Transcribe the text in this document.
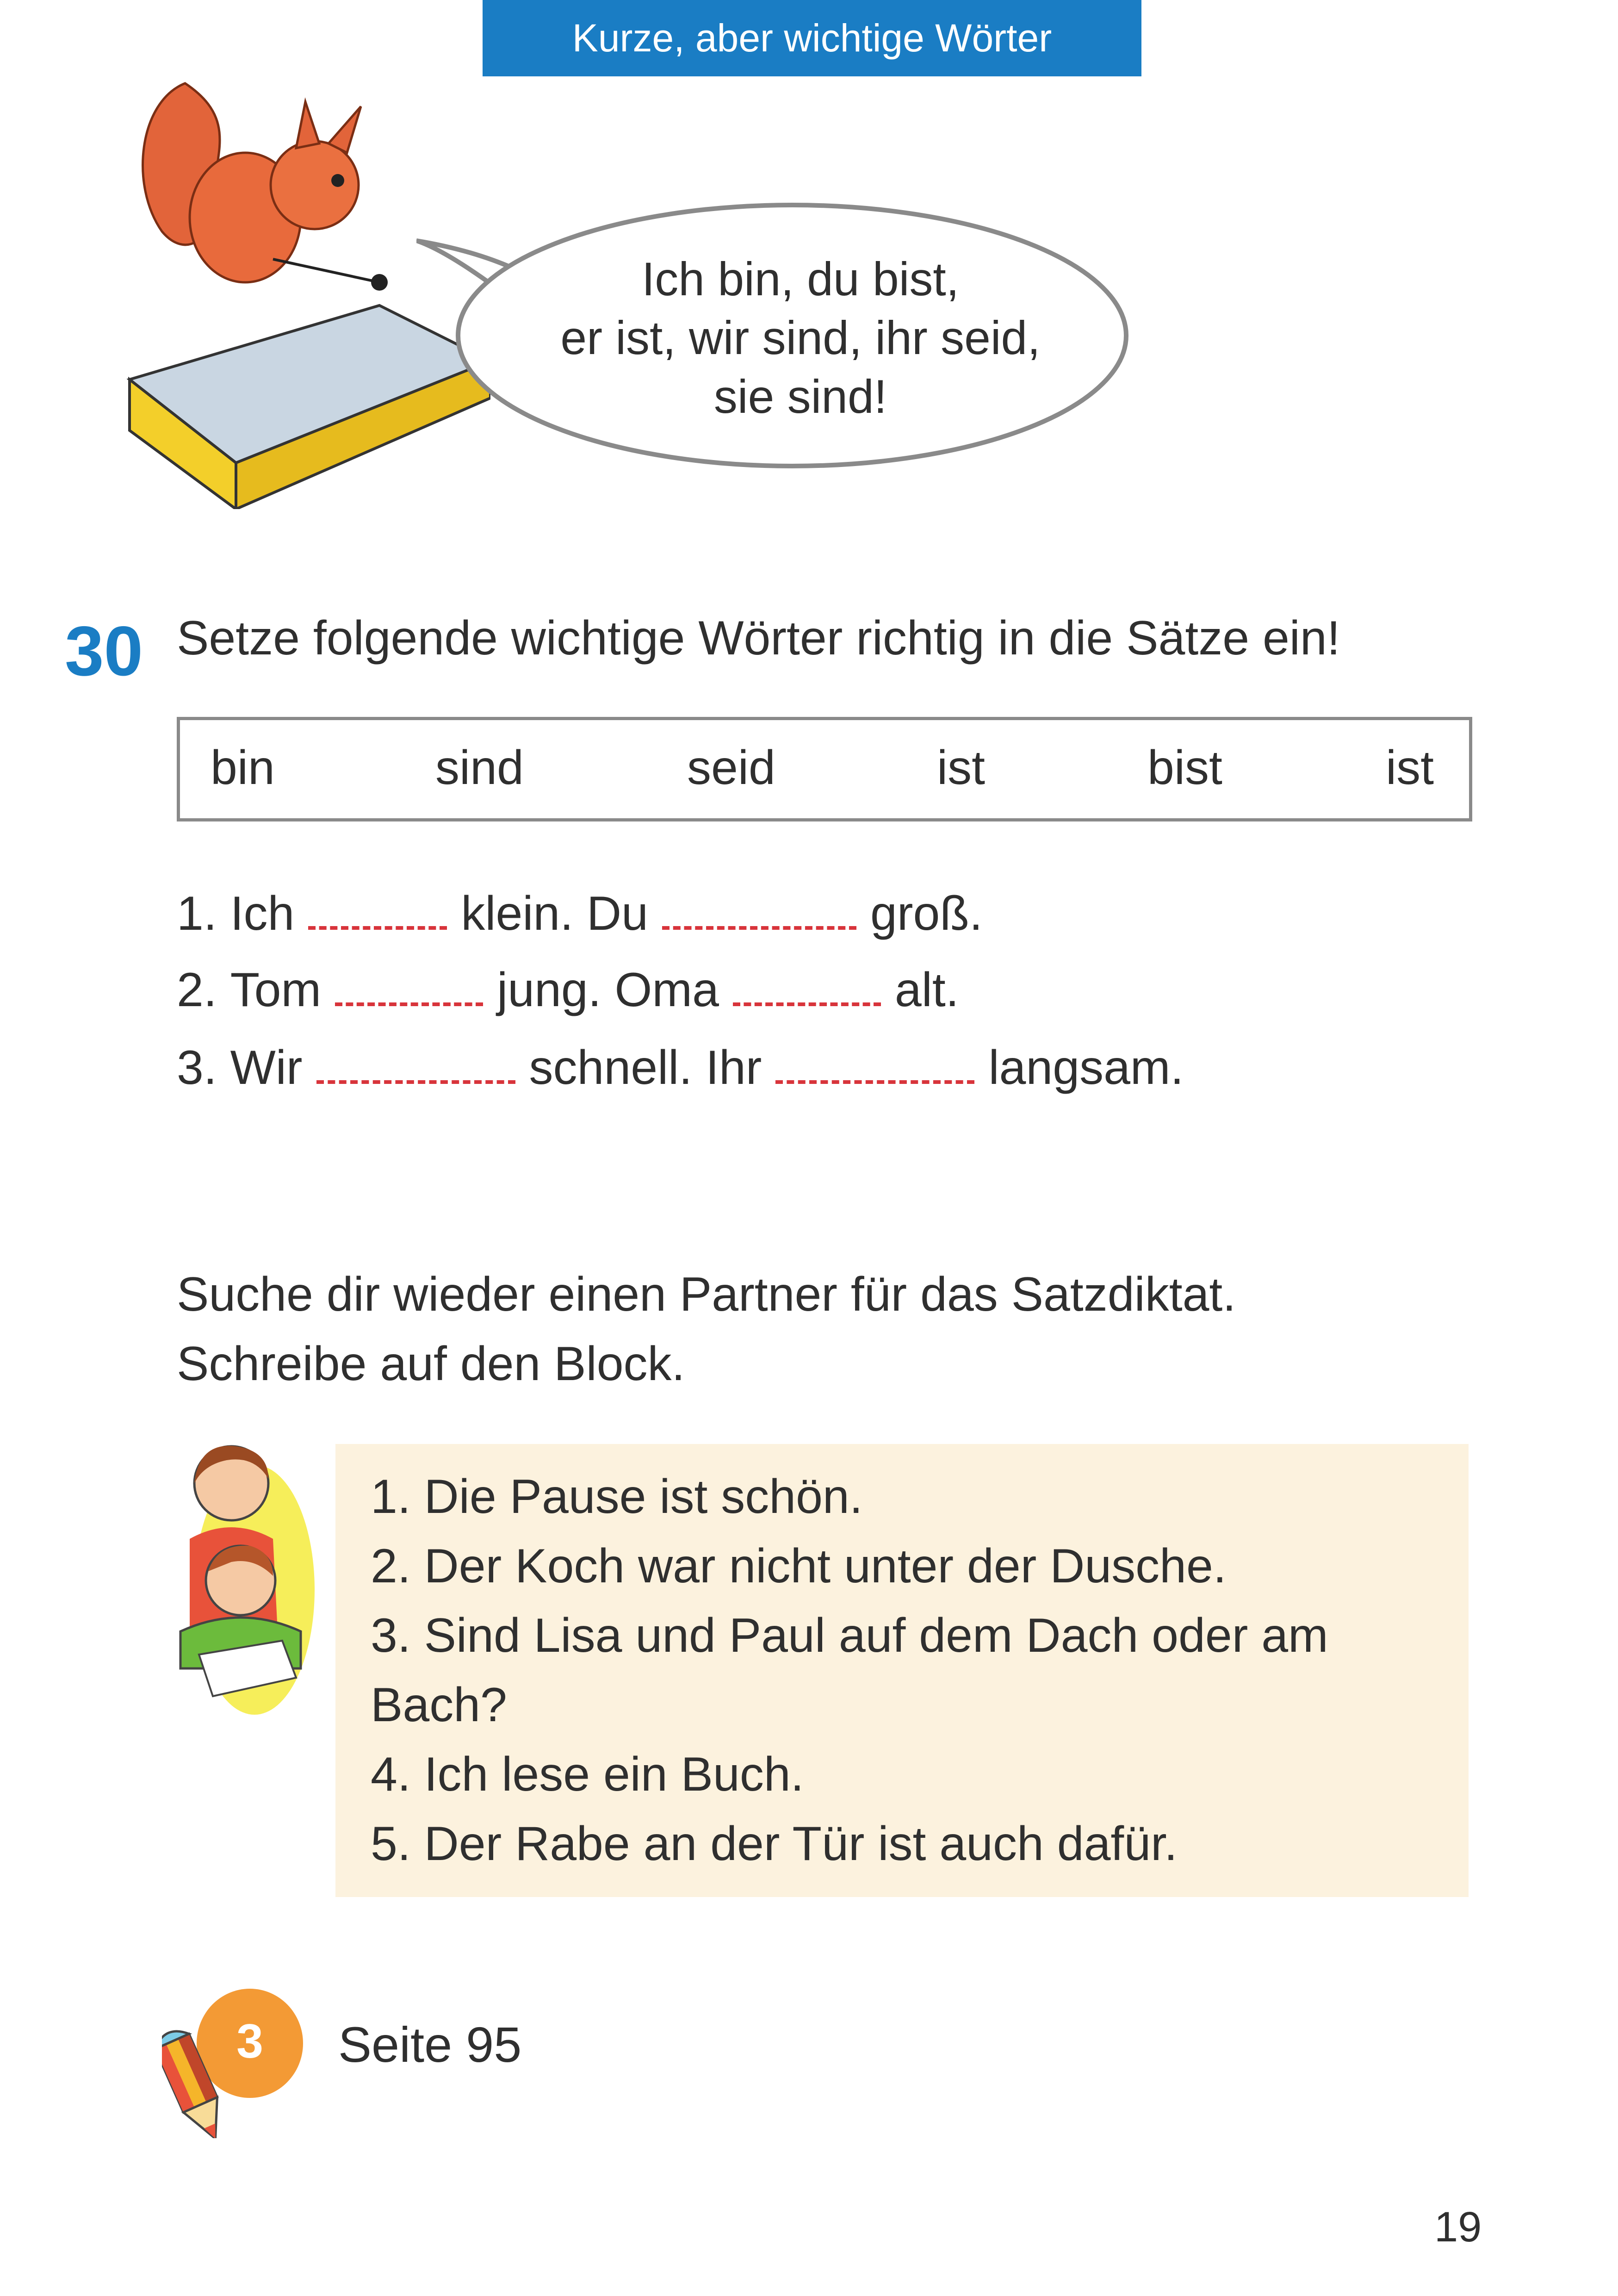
Kurze, aber wichtige Wörter
Ich bin, du bist,
er ist, wir sind, ihr seid,
sie sind!
30 Setze folgende wichtige Wörter richtig in die Sätze ein!
bin	sind	seid	ist	bist	ist
1.
Ich	klein. Du	groß.
2.
Tom	jung. Oma	alt.
3.
Wir	schnell. Ihr	langsam.
Suche dir wieder einen Partner für das Satzdiktat.
Schreibe auf den Block.
1. Die Pause ist schön.
2. Der Koch war nicht unter der Dusche.
3. Sind Lisa und Paul auf dem Dach oder am
Bach?
4. Ich lese ein Buch.
5. Der Rabe an der Tür ist auch dafür.
3 Seite 95
19
